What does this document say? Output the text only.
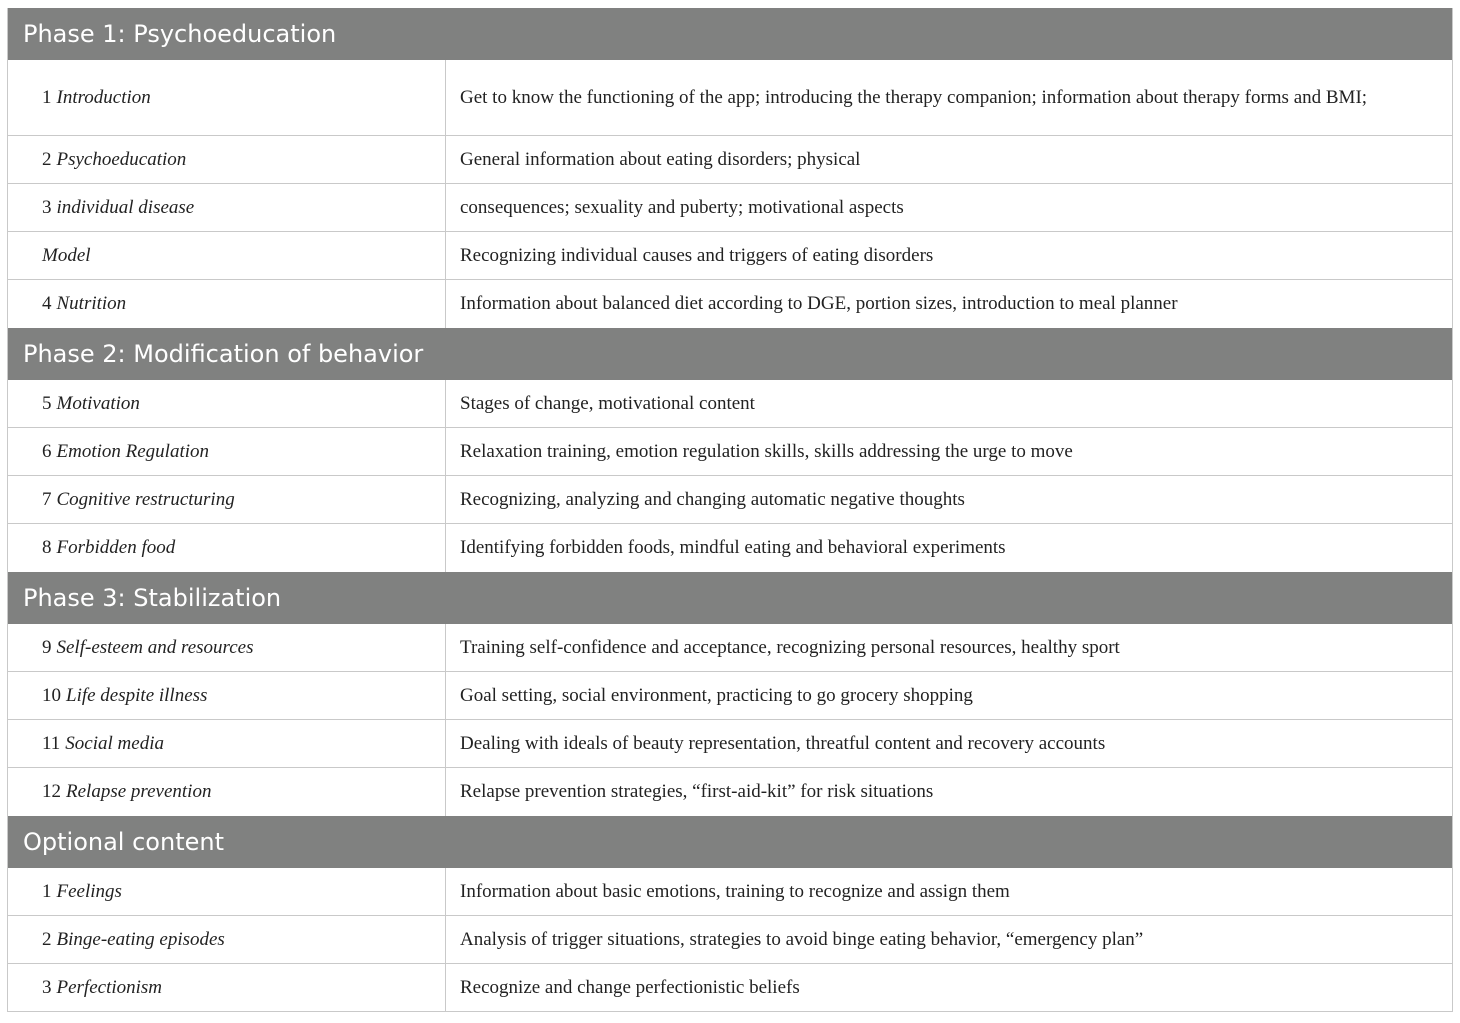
Phase 1: Psychoeducation
1 Introduction	Get to know the functioning of the app; introducing the therapy companion; information about therapy forms and BMI;
2 Psychoeducation	General information about eating disorders; physical
3 individual disease	consequences; sexuality and puberty; motivational aspects
Model	Recognizing individual causes and triggers of eating disorders
4 Nutrition	Information about balanced diet according to DGE, portion sizes, introduction to meal planner
Phase 2: Modification of behavior
5 Motivation	Stages of change, motivational content
6 Emotion Regulation	Relaxation training, emotion regulation skills, skills addressing the urge to move
7 Cognitive restructuring	Recognizing, analyzing and changing automatic negative thoughts
8 Forbidden food	Identifying forbidden foods, mindful eating and behavioral experiments
Phase 3: Stabilization
9 Self-esteem and resources	Training self-confidence and acceptance, recognizing personal resources, healthy sport
10 Life despite illness	Goal setting, social environment, practicing to go grocery shopping
11 Social media	Dealing with ideals of beauty representation, threatful content and recovery accounts
12 Relapse prevention	Relapse prevention strategies, “first-aid-kit” for risk situations
Optional content
1 Feelings	Information about basic emotions, training to recognize and assign them
2 Binge-eating episodes	Analysis of trigger situations, strategies to avoid binge eating behavior, “emergency plan”
3 Perfectionism	Recognize and change perfectionistic beliefs
